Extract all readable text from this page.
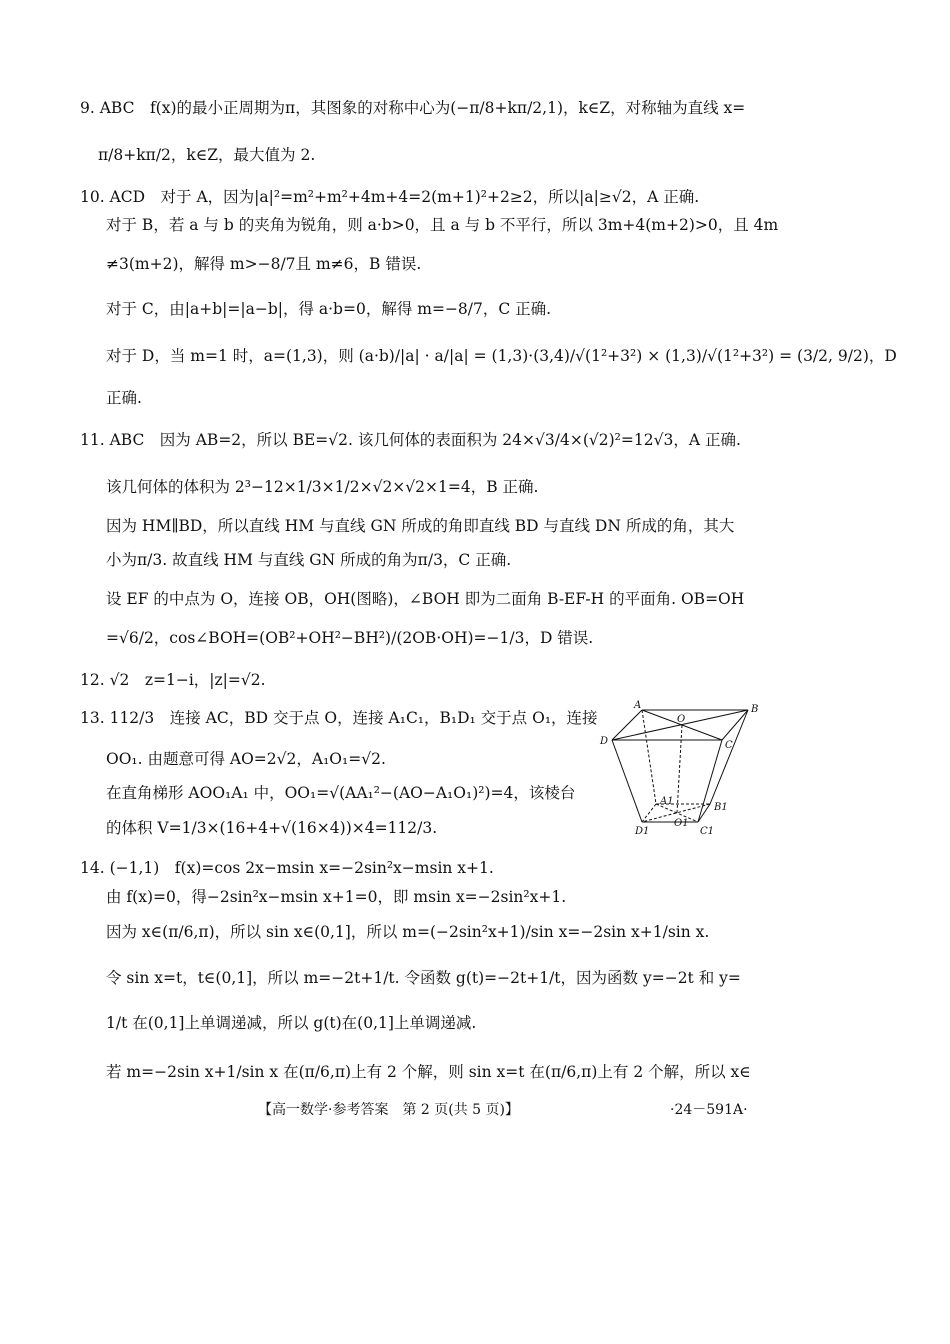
9. ABC　f(x)的最小正周期为π，其图象的对称中心为(−π/8+kπ/2,1)，k∈Z，对称轴为直线 x=
π/8+kπ/2，k∈Z，最大值为 2.
10. ACD　对于 A，因为|a|²=m²+m²+4m+4=2(m+1)²+2≥2，所以|a|≥√2，A 正确.
对于 B，若 a 与 b 的夹角为锐角，则 a·b>0，且 a 与 b 不平行，所以 3m+4(m+2)>0，且 4m
≠3(m+2)，解得 m>−8/7且 m≠6，B 错误.
对于 C，由|a+b|=|a−b|，得 a·b=0，解得 m=−8/7，C 正确.
对于 D，当 m=1 时，a=(1,3)，则 (a·b)/|a| · a/|a| = (1,3)·(3,4)/√(1²+3²) × (1,3)/√(1²+3²) = (3/2, 9/2)，D
正确.
11. ABC　因为 AB=2，所以 BE=√2. 该几何体的表面积为 24×√3/4×(√2)²=12√3，A 正确.
该几何体的体积为 2³−12×1/3×1/2×√2×√2×1=4，B 正确.
因为 HM∥BD，所以直线 HM 与直线 GN 所成的角即直线 BD 与直线 DN 所成的角，其大
小为π/3. 故直线 HM 与直线 GN 所成的角为π/3，C 正确.
设 EF 的中点为 O，连接 OB，OH(图略)，∠BOH 即为二面角 B-EF-H 的平面角. OB=OH
=√6/2，cos∠BOH=(OB²+OH²−BH²)/(2OB·OH)=−1/3，D 错误.
12. √2　z=1−i，|z|=√2.
13. 112/3　连接 AC，BD 交于点 O，连接 A₁C₁，B₁D₁ 交于点 O₁，连接
OO₁. 由题意可得 AO=2√2，A₁O₁=√2.
在直角梯形 AOO₁A₁ 中，OO₁=√(AA₁²−(AO−A₁O₁)²)=4，该棱台
的体积 V=1/3×(16+4+√(16×4))×4=112/3.
14. (−1,1)　f(x)=cos 2x−msin x=−2sin²x−msin x+1.
由 f(x)=0，得−2sin²x−msin x+1=0，即 msin x=−2sin²x+1.
因为 x∈(π/6,π)，所以 sin x∈(0,1]，所以 m=(−2sin²x+1)/sin x=−2sin x+1/sin x.
令 sin x=t，t∈(0,1]，所以 m=−2t+1/t. 令函数 g(t)=−2t+1/t，因为函数 y=−2t 和 y=
1/t 在(0,1]上单调递减，所以 g(t)在(0,1]上单调递减.
若 m=−2sin x+1/sin x 在(π/6,π)上有 2 个解，则 sin x=t 在(π/6,π)上有 2 个解，所以 x∈
A	B
C
D
O
A1
B1
C1
D1
O1
【高一数学·参考答案　第 2 页(共 5 页)】	·24－591A·
